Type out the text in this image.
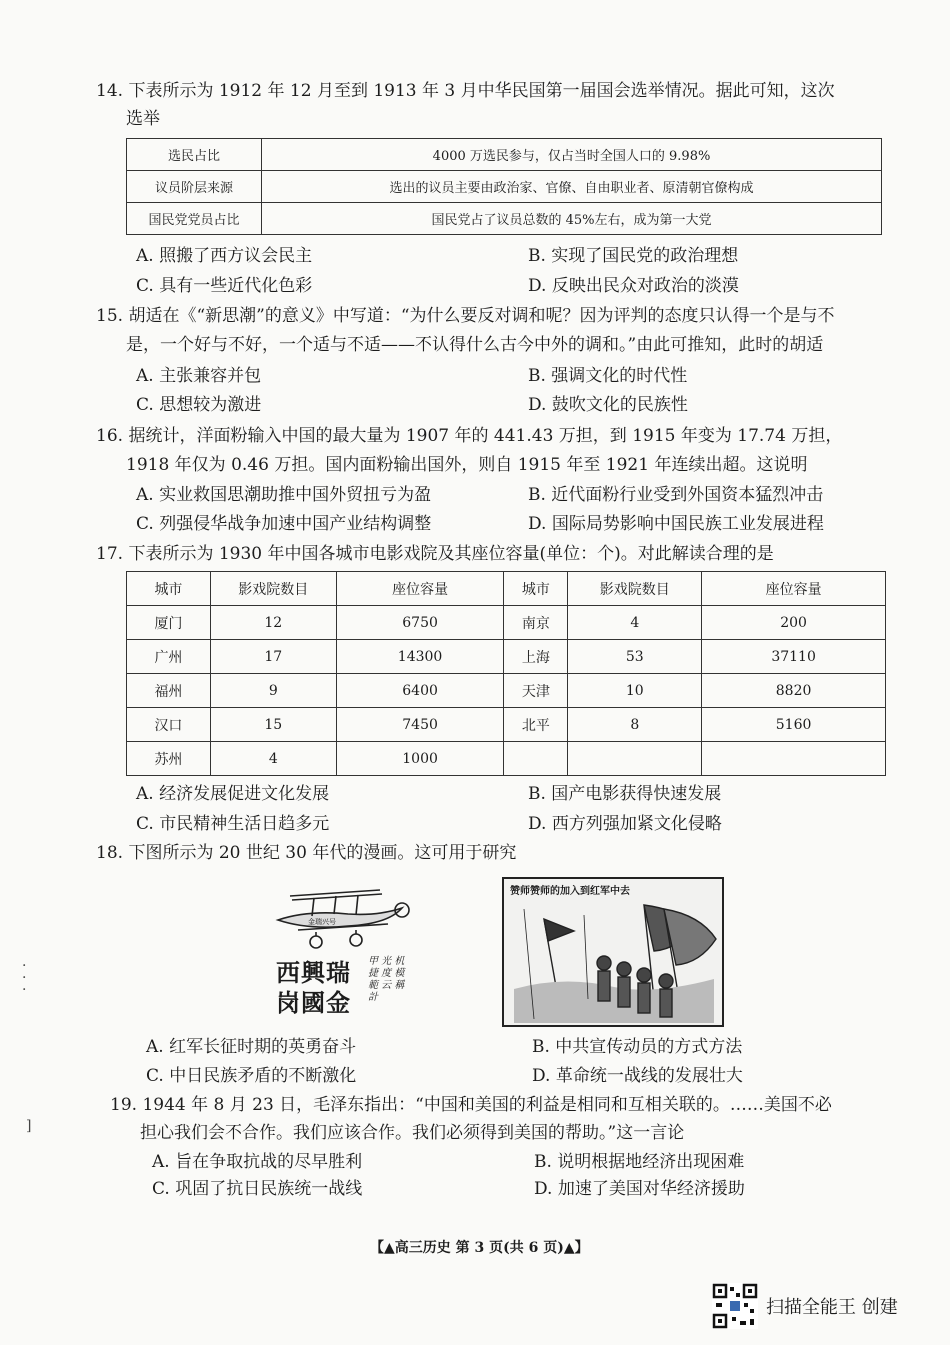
14. 下表所示为 1912 年 12 月至到 1913 年 3 月中华民国第一届国会选举情况。据此可知，这次
选举
选民占比	4000 万选民参与，仅占当时全国人口的 9.98%
议员阶层来源	选出的议员主要由政治家、官僚、自由职业者、原清朝官僚构成
国民党党员占比	国民党占了议员总数的 45%左右，成为第一大党
A. 照搬了西方议会民主	B. 实现了国民党的政治理想
C. 具有一些近代化色彩	D. 反映出民众对政治的淡漠
15. 胡适在《“新思潮”的意义》中写道：“为什么要反对调和呢？因为评判的态度只认得一个是与不
是，一个好与不好，一个适与不适——不认得什么古今中外的调和。”由此可推知，此时的胡适
A. 主张兼容并包	B. 强调文化的时代性
C. 思想较为激进	D. 鼓吹文化的民族性
16. 据统计，洋面粉输入中国的最大量为 1907 年的 441.43 万担，到 1915 年变为 17.74 万担，
1918 年仅为 0.46 万担。国内面粉输出国外，则自 1915 年至 1921 年连续出超。这说明
A. 实业救国思潮助推中国外贸扭亏为盈	B. 近代面粉行业受到外国资本猛烈冲击
C. 列强侵华战争加速中国产业结构调整	D. 国际局势影响中国民族工业发展进程
17. 下表所示为 1930 年中国各城市电影戏院及其座位容量(单位：个)。对此解读合理的是
城市	影戏院数目	座位容量	城市	影戏院数目	座位容量
厦门	12	6750	南京	4	200
广州	17	14300	上海	53	37110
福州	9	6400	天津	10	8820
汉口	15	7450	北平	8	5160
苏州	4	1000			
A. 经济发展促进文化发展	B. 国产电影获得快速发展
C. 市民精神生活日趋多元	D. 西方列强加紧文化侵略
18. 下图所示为 20 世纪 30 年代的漫画。这可用于研究
金瑞兴号
西興瑞 岗國金
甲 光 机 捷 度 模 範 云 稱 計
赞师赞师的加入到红军中去
A. 红军长征时期的英勇奋斗	B. 中共宣传动员的方式方法
C. 中日民族矛盾的不断激化	D. 革命统一战线的发展壮大
19. 1944 年 8 月 23 日，毛泽东指出：“中国和美国的利益是相同和互相关联的。……美国不必
担心我们会不合作。我们应该合作。我们必须得到美国的帮助。”这一言论
A. 旨在争取抗战的尽早胜利	B. 说明根据地经济出现困难
C. 巩固了抗日民族统一战线	D. 加速了美国对华经济援助
·
·
·
]
【▲高三历史 第 3 页(共 6 页)▲】
扫描全能王 创建
